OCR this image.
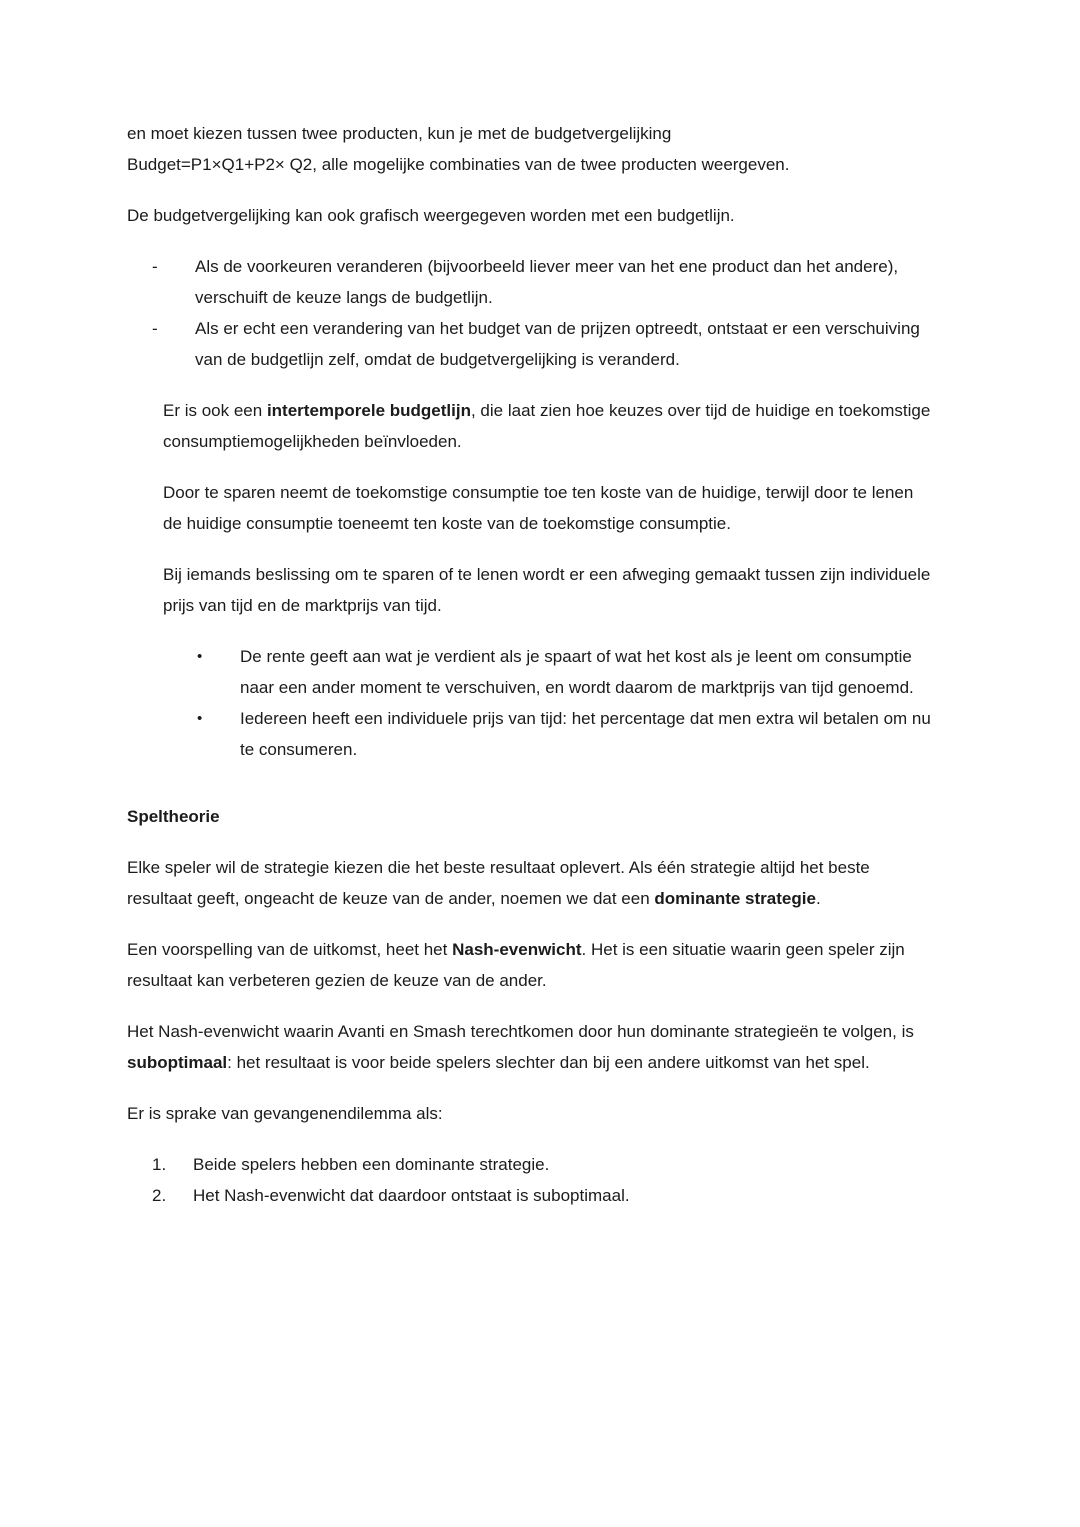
en moet kiezen tussen twee producten, kun je met de budgetvergelijking Budget=P1×Q1+P2× Q2, alle mogelijke combinaties van de twee producten weergeven.

De budgetvergelijking kan ook grafisch weergegeven worden met een budgetlijn.

-	Als de voorkeuren veranderen (bijvoorbeeld liever meer van het ene product dan het andere), verschuift de keuze langs de budgetlijn.
-	Als er echt een verandering van het budget van de prijzen optreedt, ontstaat er een verschuiving van de budgetlijn zelf, omdat de budgetvergelijking is veranderd.

Er is ook een intertemporele budgetlijn, die laat zien hoe keuzes over tijd de huidige en toekomstige consumptiemogelijkheden beïnvloeden.

Door te sparen neemt de toekomstige consumptie toe ten koste van de huidige, terwijl door te lenen de huidige consumptie toeneemt ten koste van de toekomstige consumptie.

Bij iemands beslissing om te sparen of te lenen wordt er een afweging gemaakt tussen zijn individuele prijs van tijd en de marktprijs van tijd.

•	De rente geeft aan wat je verdient als je spaart of wat het kost als je leent om consumptie naar een ander moment te verschuiven, en wordt daarom de marktprijs van tijd genoemd.
•	Iedereen heeft een individuele prijs van tijd: het percentage dat men extra wil betalen om nu te consumeren.

Speltheorie

Elke speler wil de strategie kiezen die het beste resultaat oplevert. Als één strategie altijd het beste resultaat geeft, ongeacht de keuze van de ander, noemen we dat een dominante strategie.

Een voorspelling van de uitkomst, heet het Nash-evenwicht. Het is een situatie waarin geen speler zijn resultaat kan verbeteren gezien de keuze van de ander.

Het Nash-evenwicht waarin Avanti en Smash terechtkomen door hun dominante strategieën te volgen, is suboptimaal: het resultaat is voor beide spelers slechter dan bij een andere uitkomst van het spel.

Er is sprake van gevangenendilemma als:

1.	Beide spelers hebben een dominante strategie.
2.	Het Nash-evenwicht dat daardoor ontstaat is suboptimaal.
